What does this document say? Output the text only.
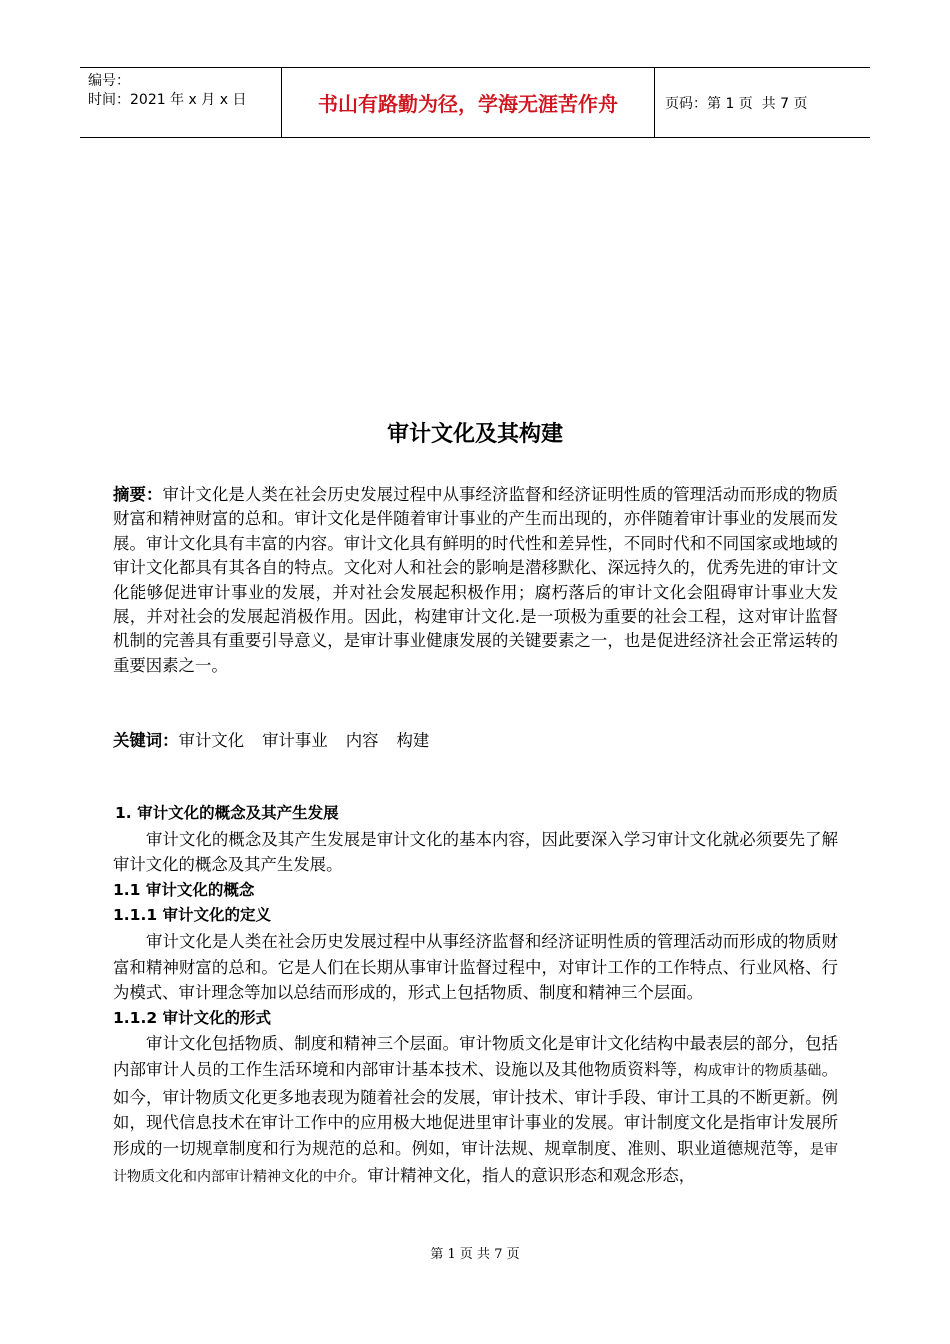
编号：
时间：2021 年 x 月 x 日	书山有路勤为径，学海无涯苦作舟	页码：第 1 页  共 7 页
审计文化及其构建
摘要：审计文化是人类在社会历史发展过程中从事经济监督和经济证明性质的管理活动而形成的物质财富和精神财富的总和。审计文化是伴随着审计事业的产生而出现的，亦伴随着审计事业的发展而发展。审计文化具有丰富的内容。审计文化具有鲜明的时代性和差异性，不同时代和不同国家或地域的审计文化都具有其各自的特点。文化对人和社会的影响是潜移默化、深远持久的，优秀先进的审计文化能够促进审计事业的发展，并对社会发展起积极作用；腐朽落后的审计文化会阻碍审计事业大发展，并对社会的发展起消极作用。因此，构建审计文化.是一项极为重要的社会工程，这对审计监督机制的完善具有重要引导意义，是审计事业健康发展的关键要素之一，也是促进经济社会正常运转的重要因素之一。
关键词：审计文化 审计事业 内容 构建
1. 审计文化的概念及其产生发展

审计文化的概念及其产生发展是审计文化的基本内容，因此要深入学习审计文化就必须要先了解审计文化的概念及其产生发展。

1.1 审计文化的概念
1.1.1 审计文化的定义

审计文化是人类在社会历史发展过程中从事经济监督和经济证明性质的管理活动而形成的物质财富和精神财富的总和。它是人们在长期从事审计监督过程中，对审计工作的工作特点、行业风格、行为模式、审计理念等加以总结而形成的，形式上包括物质、制度和精神三个层面。

1.1.2 审计文化的形式

审计文化包括物质、制度和精神三个层面。审计物质文化是审计文化结构中最表层的部分，包括内部审计人员的工作生活环境和内部审计基本技术、设施以及其他物质资料等，构成审计的物质基础。如今，审计物质文化更多地表现为随着社会的发展，审计技术、审计手段、审计工具的不断更新。例如，现代信息技术在审计工作中的应用极大地促进里审计事业的发展。审计制度文化是指审计发展所形成的一切规章制度和行为规范的总和。例如，审计法规、规章制度、准则、职业道德规范等，是审计物质文化和内部审计精神文化的中介。审计精神文化，指人的意识形态和观念形态，

第 1 页 共 7 页
